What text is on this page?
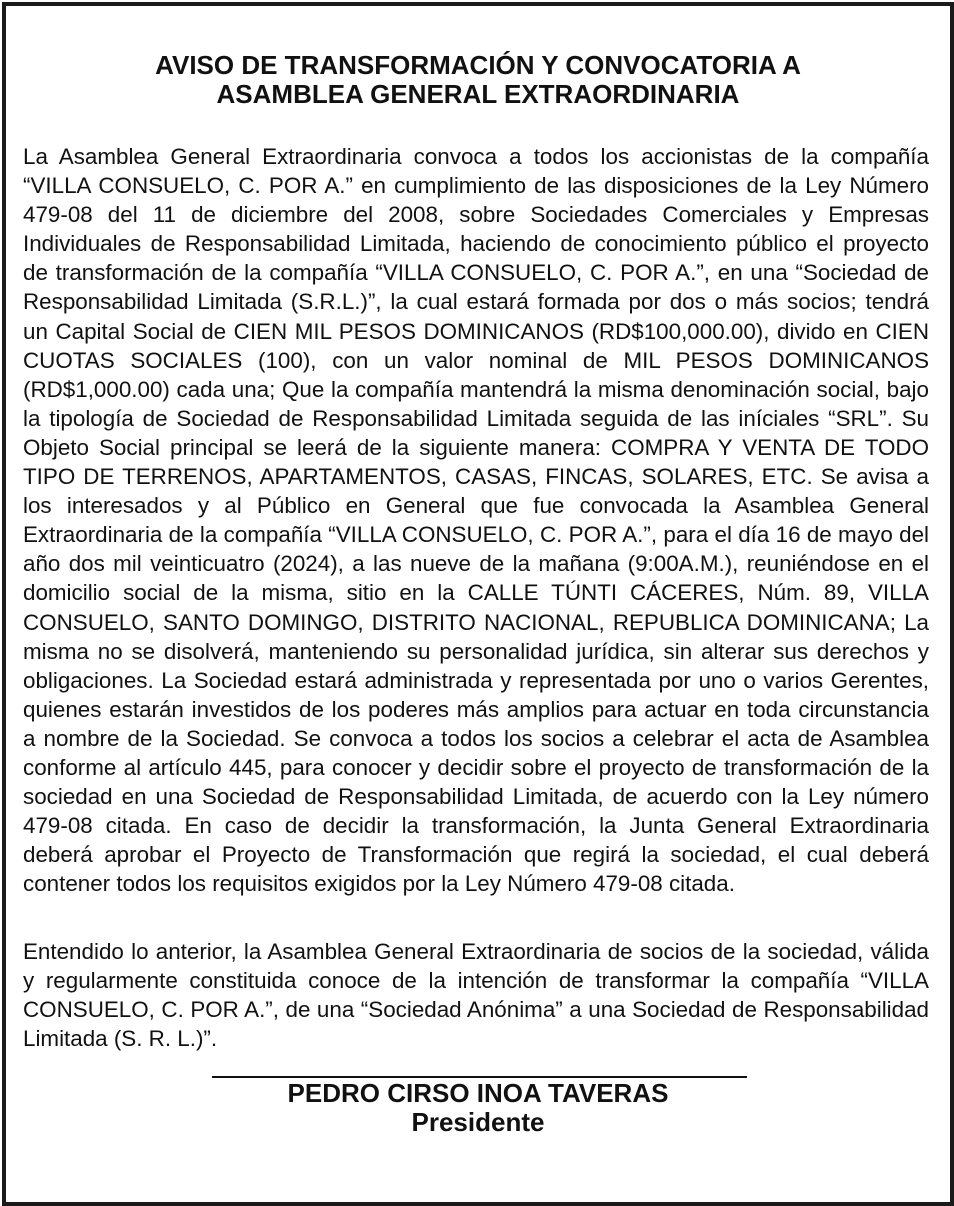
AVISO DE TRANSFORMACIÓN Y CONVOCATORIA A
ASAMBLEA GENERAL EXTRAORDINARIA

La Asamblea General Extraordinaria convoca a todos los accionistas de la compañía “VILLA CONSUELO, C. POR A.” en cumplimiento de las disposiciones de la Ley Número 479-08 del 11 de diciembre del 2008, sobre Sociedades Comerciales y Empresas Individuales de Responsabilidad Limitada, haciendo de conocimiento público el proyecto de transformación de la compañía “VILLA CONSUELO, C. POR A.”, en una “Sociedad de Responsabilidad Limitada (S.R.L.)”, la cual estará formada por dos o más socios; tendrá un Capital Social de CIEN MIL PESOS DOMINICANOS (RD$100,000.00), divido en CIEN CUOTAS SOCIALES (100), con un valor nominal de MIL PESOS DOMINICANOS (RD$1,000.00) cada una; Que la compañía mantendrá la misma denominación social, bajo la tipología de Sociedad de Responsabilidad Limitada seguida de las iníciales “SRL”. Su Objeto Social principal se leerá de la siguiente manera: COMPRA Y VENTA DE TODO TIPO DE TERRENOS, APARTAMENTOS, CASAS, FINCAS, SOLARES, ETC. Se avisa a los interesados y al Público en General que fue convocada la Asamblea General Extraordinaria de la compañía “VILLA CONSUELO, C. POR A.”, para el día 16 de mayo del año dos mil veinticuatro (2024), a las nueve de la mañana (9:00A.M.), reuniéndose en el domicilio social de la misma, sitio en la CALLE TÚNTI CÁCERES, Núm. 89, VILLA CONSUELO, SANTO DOMINGO, DISTRITO NACIONAL, REPUBLICA DOMINICANA; La misma no se disolverá, manteniendo su personalidad jurídica, sin alterar sus derechos y obligaciones. La Sociedad estará administrada y representada por uno o varios Gerentes, quienes estarán investidos de los poderes más amplios para actuar en toda circunstancia a nombre de la Sociedad. Se convoca a todos los socios a celebrar el acta de Asamblea conforme al artículo 445, para conocer y decidir sobre el proyecto de transformación de la sociedad en una Sociedad de Responsabilidad Limitada, de acuerdo con la Ley número 479-08 citada. En caso de decidir la transformación, la Junta General Extraordinaria deberá aprobar el Proyecto de Transformación que regirá la sociedad, el cual deberá contener todos los requisitos exigidos por la Ley Número 479-08 citada.

Entendido lo anterior, la Asamblea General Extraordinaria de socios de la sociedad, válida y regularmente constituida conoce de la intención de transformar la compañía “VILLA CONSUELO, C. POR A.”, de una “Sociedad Anónima” a una Sociedad de Responsabilidad Limitada (S. R. L.)”.

PEDRO CIRSO INOA TAVERAS
Presidente
